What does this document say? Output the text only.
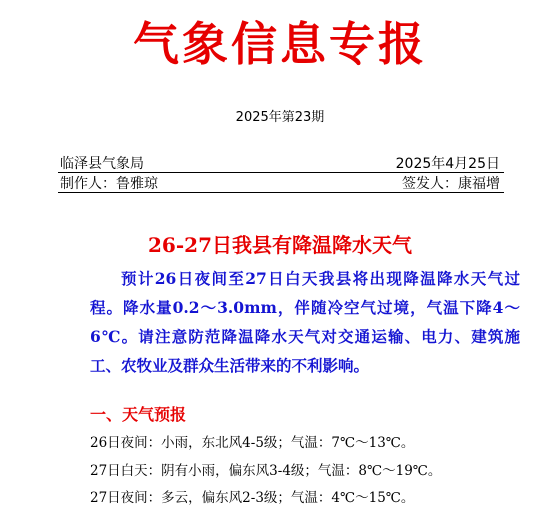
气象信息专报
2025年第23期
临泽县气象局	2025年4月25日
制作人：鲁雅琼	签发人：康福增
26-27日我县有降温降水天气
预计26日夜间至27日白天我县将出现降温降水天气过程。降水量0.2～3.0mm，伴随冷空气过境，气温下降4～6℃。请注意防范降温降水天气对交通运输、电力、建筑施工、农牧业及群众生活带来的不利影响。
一、天气预报
26日夜间：小雨，东北风4-5级；气温：7℃～13℃。
27日白天：阴有小雨，偏东风3-4级；气温：8℃～19℃。
27日夜间：多云，偏东风2-3级；气温：4℃～15℃。
